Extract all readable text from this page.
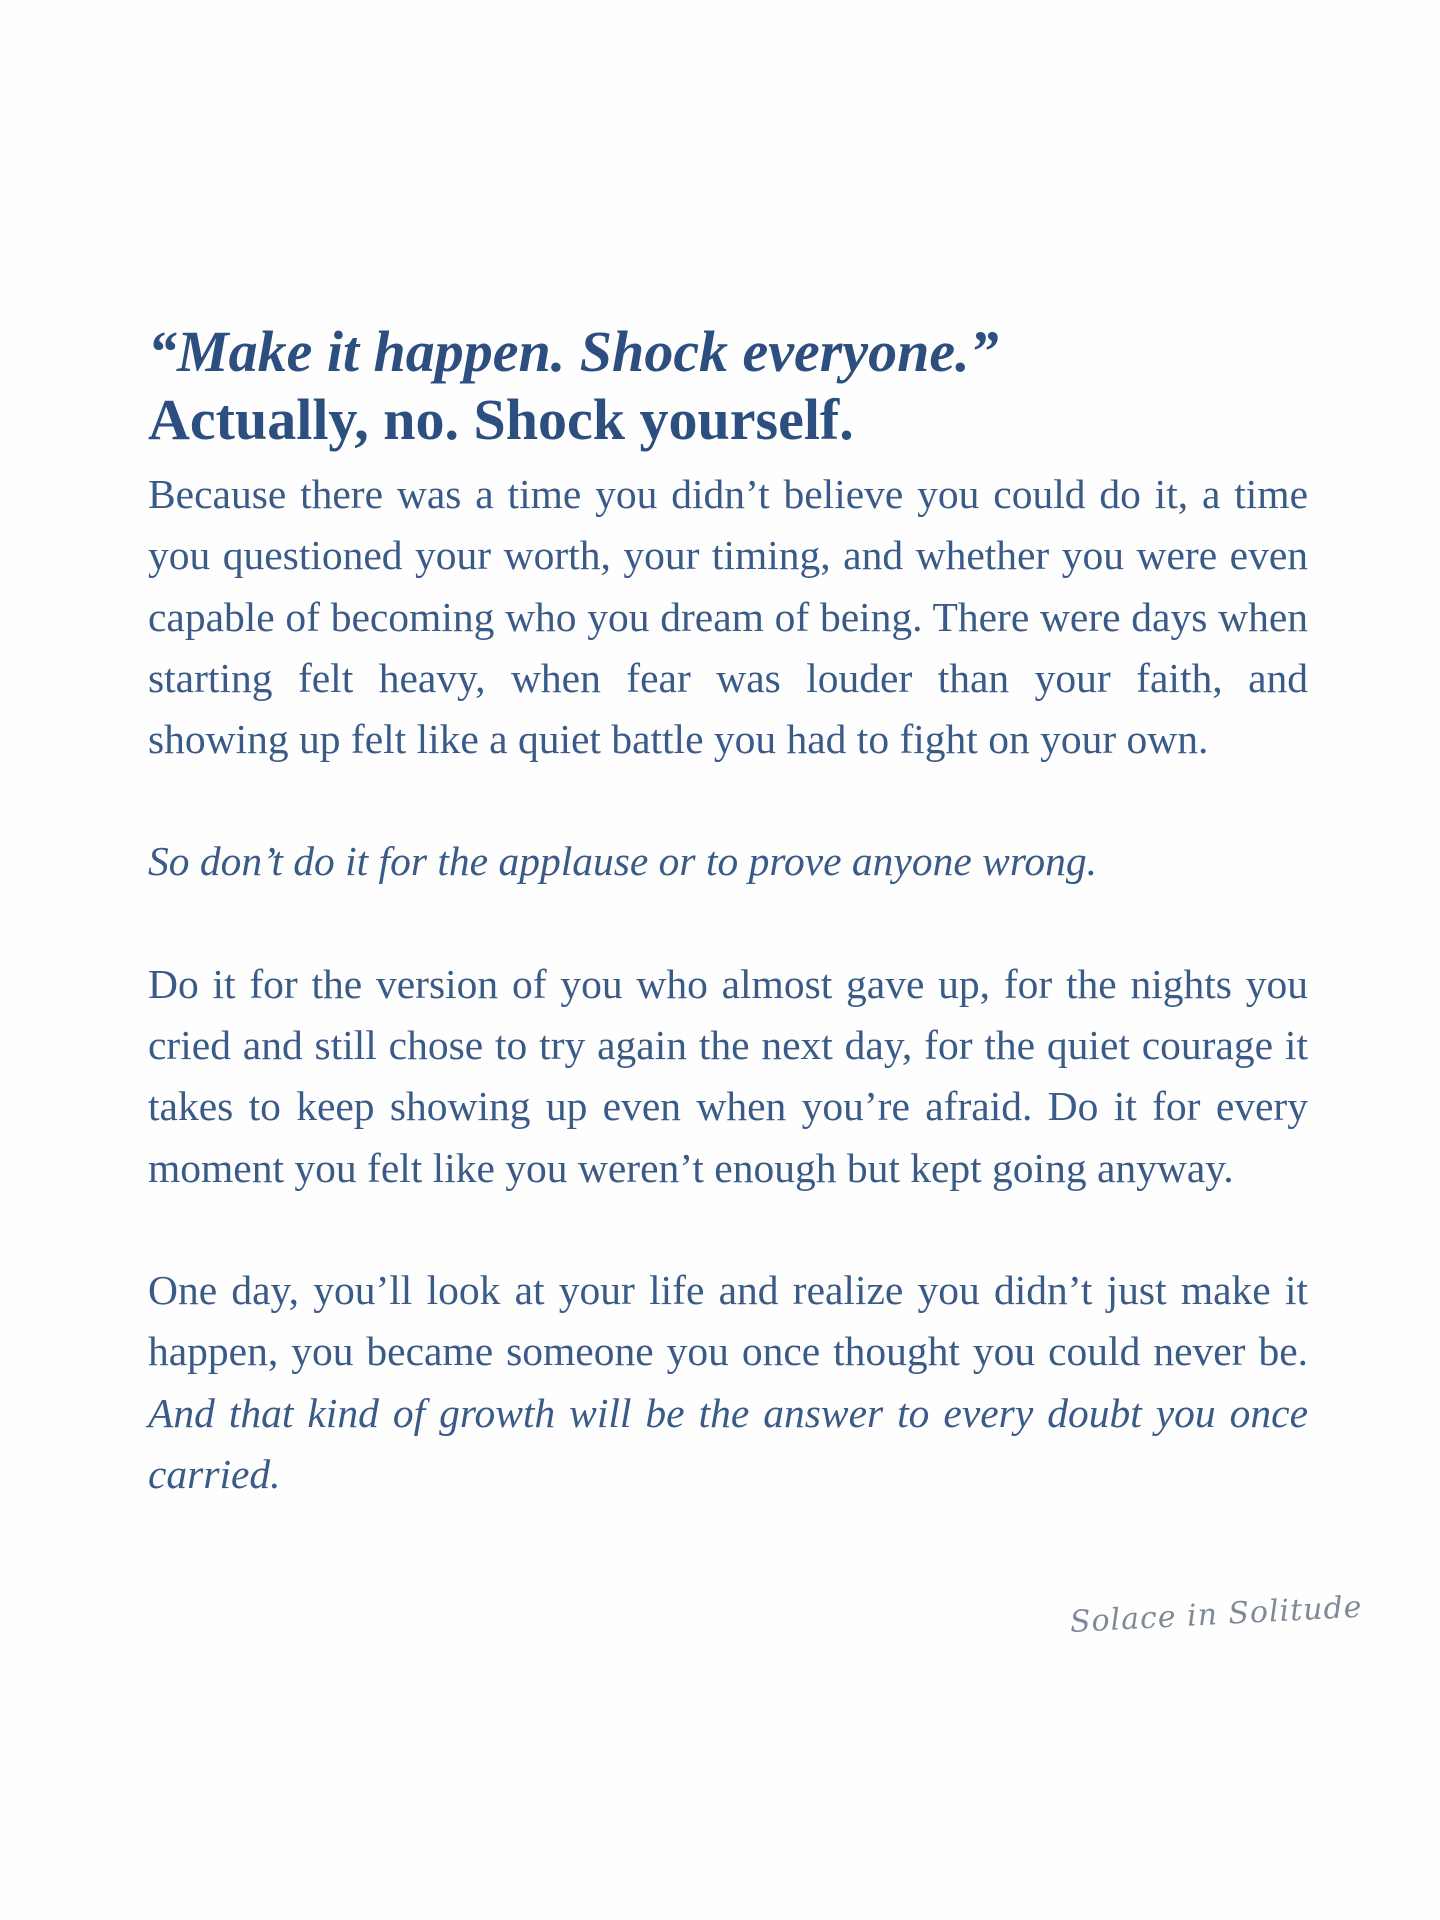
“Make it happen. Shock everyone.”
Actually, no. Shock yourself.

Because there was a time you didn’t believe you could do it, a time you questioned your worth, your timing, and whether you were even capable of becoming who you dream of being. There were days when starting felt heavy, when fear was louder than your faith, and showing up felt like a quiet battle you had to fight on your own.

So don’t do it for the applause or to prove anyone wrong.

Do it for the version of you who almost gave up, for the nights you cried and still chose to try again the next day, for the quiet courage it takes to keep showing up even when you’re afraid. Do it for every moment you felt like you weren’t enough but kept going anyway.

One day, you’ll look at your life and realize you didn’t just make it happen, you became someone you once thought you could never be. And that kind of growth will be the answer to every doubt you once carried.

Solace in Solitude
